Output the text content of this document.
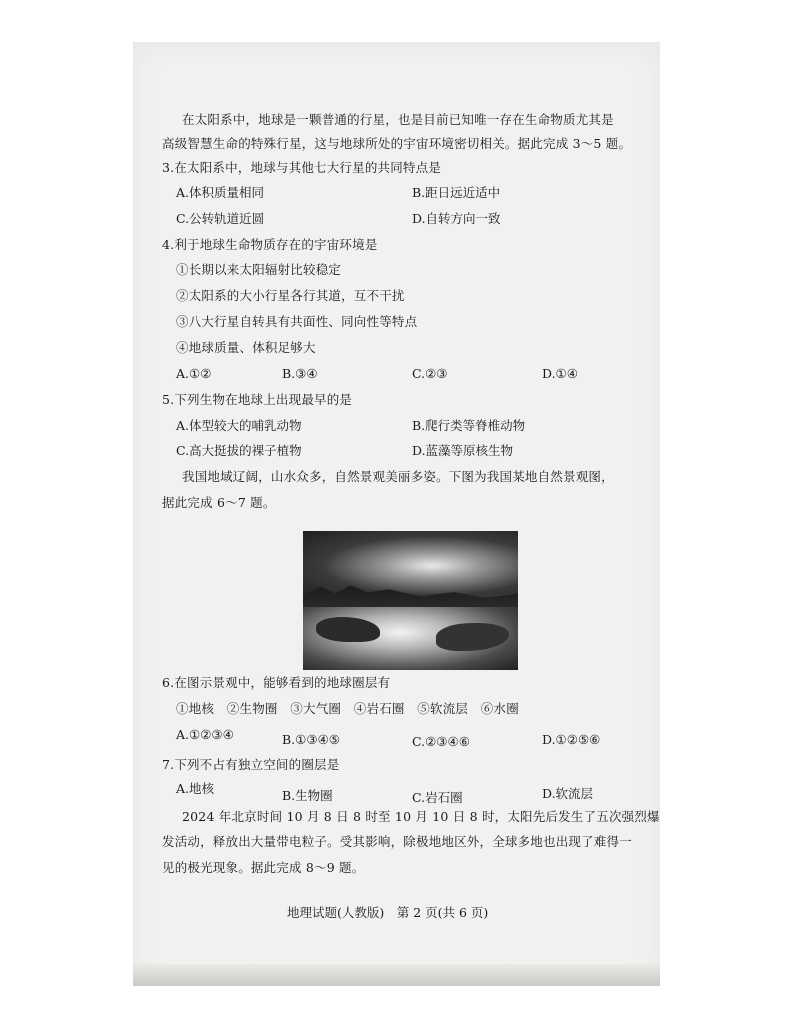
在太阳系中，地球是一颗普通的行星，也是目前已知唯一存在生命物质尤其是
高级智慧生命的特殊行星，这与地球所处的宇宙环境密切相关。据此完成 3～5 题。
3.在太阳系中，地球与其他七大行星的共同特点是
A.体积质量相同	B.距日远近适中
C.公转轨道近圆	D.自转方向一致
4.利于地球生命物质存在的宇宙环境是
①长期以来太阳辐射比较稳定
②太阳系的大小行星各行其道，互不干扰
③八大行星自转具有共面性、同向性等特点
④地球质量、体积足够大
A.①②	B.③④	C.②③	D.①④
5.下列生物在地球上出现最早的是
A.体型较大的哺乳动物	B.爬行类等脊椎动物
C.高大挺拔的裸子植物	D.蓝藻等原核生物
我国地域辽阔，山水众多，自然景观美丽多姿。下图为我国某地自然景观图，
据此完成 6～7 题。
6.在图示景观中，能够看到的地球圈层有
①地核　②生物圈　③大气圈　④岩石圈　⑤软流层　⑥水圈
A.①②③④	B.①③④⑤	C.②③④⑥	D.①②⑤⑥
7.下列不占有独立空间的圈层是
A.地核	B.生物圈	C.岩石圈	D.软流层
2024 年北京时间 10 月 8 日 8 时至 10 月 10 日 8 时，太阳先后发生了五次强烈爆
发活动，释放出大量带电粒子。受其影响，除极地地区外，全球多地也出现了难得一
见的极光现象。据此完成 8～9 题。
地理试题(人教版)　第 2 页(共 6 页)
